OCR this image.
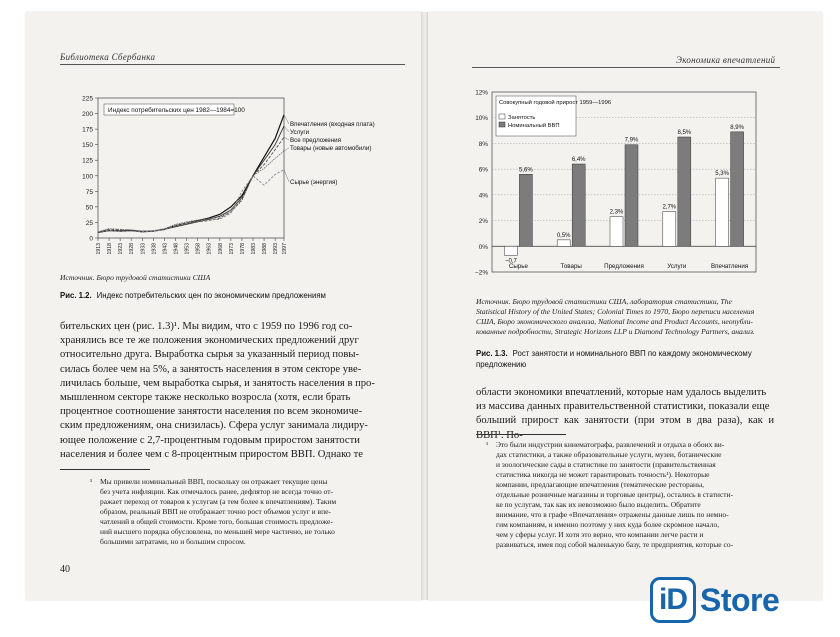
Библиотека Сбербанка
0
25
50
75
100
125
150
175
200
225
1913 1918 1923 1928 1933 1938 1943 1948 1953 1958 1963 1968 1973 1978 1983 1988 1993 1997
Индекс потребительских цен 1982—1984=100
Впечатления (входная плата)
Услуги
Все предложения
Товары (новые автомобили)
Сырье (энергия)
Источник. Бюро трудовой статистики США
Рис. 1.2. Индекс потребительских цен по экономическим предложениям
бительских цен (рис. 1.3)¹. Мы видим, что с 1959 по 1996 год со-
хранялись все те же положения экономических предложений друг
относительно друга. Выработка сырья за указанный период повы-
силась более чем на 5%, а занятость населения в этом секторе уве-
личилась больше, чем выработка сырья, и занятость населения в про-
мышленном секторе также несколько возросла (хотя, если брать
процентное соотношение занятости населения по всем экономиче-
ским предложениям, она снизилась). Сфера услуг занимала лидиру-
ющее положение с 2,7-процентным годовым приростом занятости
населения и более чем с 8-процентным приростом ВВП. Однако те
¹ Мы привели номинальный ВВП, поскольку он отражает текущие цены
без учета инфляции. Как отмечалось ранее, дефлятор не всегда точно от-
ражает переход от товаров к услугам (а тем более к впечатлениям). Таким
образом, реальный ВВП не отображает точно рост объемов услуг и впе-
чатлений в общей стоимости. Кроме того, большая стоимость предложе-
ний высшего порядка обусловлена, по меньшей мере частично, не только
большими затратами, но и большим спросом.
40
Экономика впечатлений
−2%
0%
2%
4%
6%
8%
10%
12%
Совокупный годовой прирост 1959—1996
Занятость
Номинальный ВВП
−0,7
5,6%
Сырье
0,5%
6,4%
Товары
2,3%
7,9%
Предложения
2,7%
8,5%
Услуги
5,3%
8,9%
Впечатления
Источник. Бюро трудовой статистики США, лаборатория статистики, The
Statistical History of the United States; Colonial Times to 1970, Бюро переписи населения
США, Бюро экономического анализа, National Income and Product Accounts, неопубли-
кованные подробности, Strategic Horizons LLP и Diamond Technology Partners, анализ.
Рис. 1.3. Рост занятости и номинального ВВП по каждому экономическому
предложению
области экономики впечатлений, которые нам удалось выделить
из массива данных правительственной статистики, показали еще
больший прирост как занятости (при этом в два раза), как и ВВП¹. По-
¹ Это были индустрии кинематографа, развлечений и отдыха в обоих ви-
дах статистики, а также образовательные услуги, музеи, ботанические
и зоологические сады в статистике по занятости (правительственная
статистика никогда не может гарантировать точность¹). Некоторые
компании, предлагающие впечатления (тематические рестораны,
отдельные розничные магазины и торговые центры), остались в статисти-
ке по услугам, так как их невозможно было выделить. Обратите
внимание, что в графе «Впечатления» отражены данные лишь по немно-
гим компаниям, и именно поэтому у них куда более скромное начало,
чем у сферы услуг. И хотя это верно, что компании легче расти и
развиваться, имея под собой маленькую базу, те предприятия, которые со-
iD Store
